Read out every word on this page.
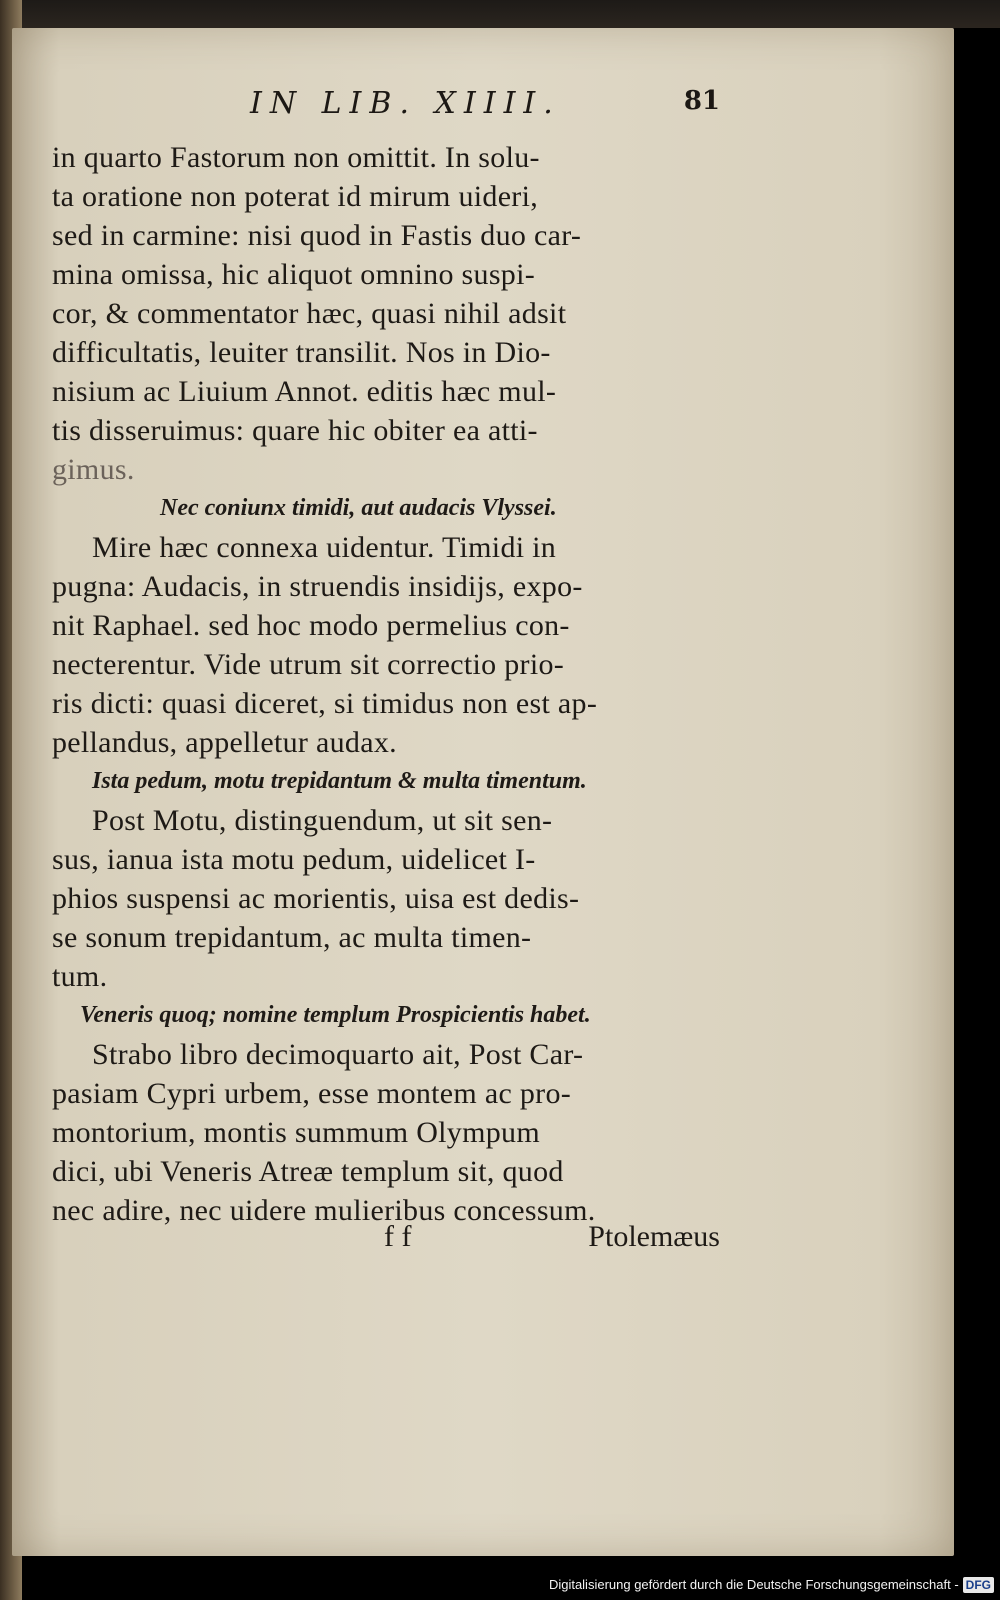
IN LIB. XIIII.	81
in quarto Fastorum non omittit. In solu-
ta oratione non poterat id mirum uideri,
sed in carmine: nisi quod in Fastis duo car-
mina omissa, hic aliquot omnino suspi-
cor, & commentator hæc, quasi nihil adsit
difficultatis, leuiter transilit. Nos in Dio-
nisium ac Liuium Annot. editis hæc mul-
tis disseruimus: quare hic obiter ea atti-
gimus.
Nec coniunx timidi, aut audacis Vlyssei.
Mire hæc connexa uidentur. Timidi in
pugna: Audacis, in struendis insidijs, expo-
nit Raphael. sed hoc modo permelius con-
necterentur. Vide utrum sit correctio prio-
ris dicti: quasi diceret, si timidus non est ap-
pellandus, appelletur audax.
Ista pedum, motu trepidantum & multa timentum.
Post Motu, distinguendum, ut sit sen-
sus, ianua ista motu pedum, uidelicet I-
phios suspensi ac morientis, uisa est dedis-
se sonum trepidantum, ac multa timen-
tum.
Veneris quoq; nomine templum Prospicientis habet.
Strabo libro decimoquarto ait, Post Car-
pasiam Cypri urbem, esse montem ac pro-
montorium, montis summum Olympum
dici, ubi Veneris Atreæ templum sit, quod
nec adire, nec uidere mulieribus concessum.
f f	Ptolemæus
Digitalisierung gefördert durch die Deutsche Forschungsgemeinschaft - DFG
